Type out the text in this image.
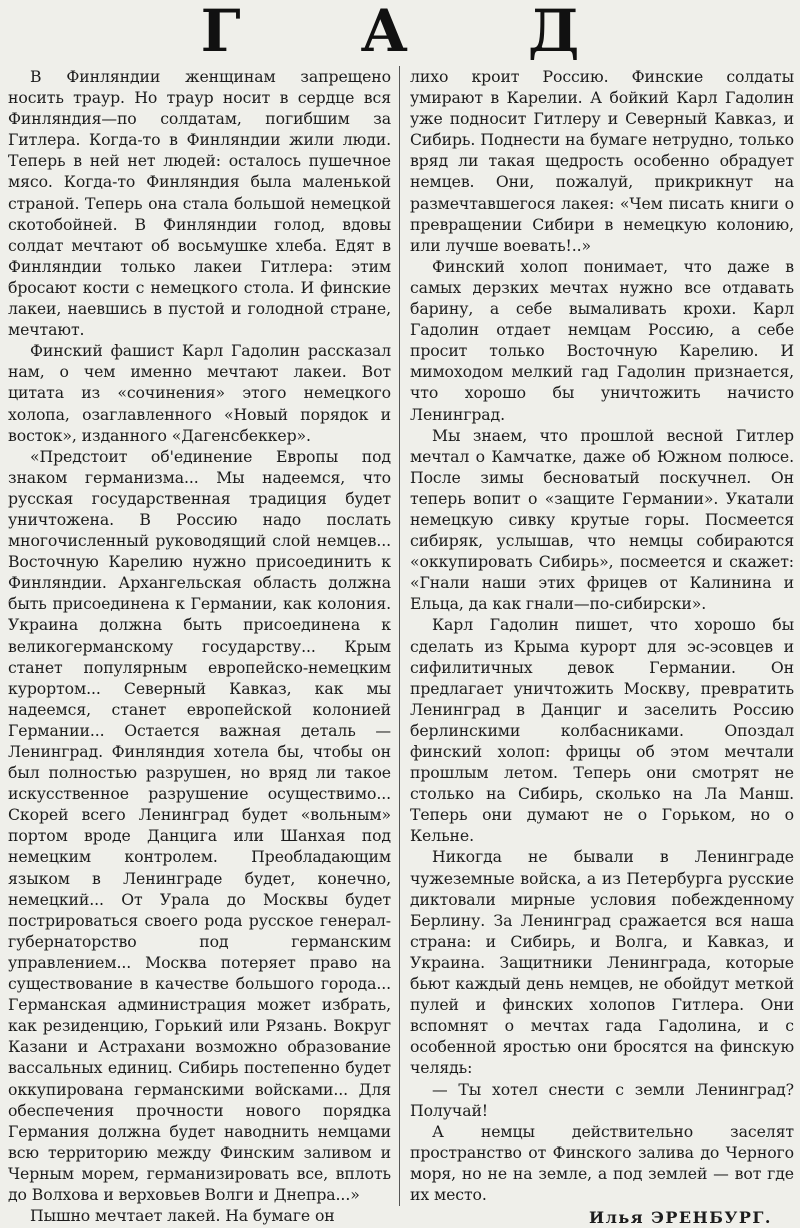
ГАД

В Финляндии женщинам запрещено носить траур. Но траур носит в сердце вся Финляндия—по солдатам, погибшим за Гитлера. Когда-то в Финляндии жили люди. Теперь в ней нет людей: осталось пушечное мясо. Когда-то Финляндия была маленькой страной. Теперь она стала большой немецкой скотобойней. В Финляндии голод, вдовы солдат мечтают об восьмушке хлеба. Едят в Финляндии только лакеи Гитлера: этим бросают кости с немецкого стола. И финские лакеи, наевшись в пустой и голодной стране, мечтают.

Финский фашист Карл Гадолин рассказал нам, о чем именно мечтают лакеи. Вот цитата из «сочинения» этого немецкого холопа, озаглавленного «Новый порядок и восток», изданного «Дагенсбеккер».

«Предстоит об'единение Европы под знаком германизма... Мы надеемся, что русская государственная традиция будет уничтожена. В Россию надо послать многочисленный руководящий слой немцев... Восточную Карелию нужно присоединить к Финляндии. Архангельская область должна быть присоединена к Германии, как колония. Украина должна быть присоединена к великогерманскому государству... Крым станет популярным европейско-немецким курортом... Северный Кавказ, как мы надеемся, станет европейской колонией Германии... Остается важная деталь — Ленинград. Финляндия хотела бы, чтобы он был полностью разрушен, но вряд ли такое искусственное разрушение осуществимо... Скорей всего Ленинград будет «вольным» портом вроде Данцига или Шанхая под немецким контролем. Преобладающим языком в Ленинграде будет, конечно, немецкий... От Урала до Москвы будет пострироваться своего рода русское генерал-губернаторство под германским управлением... Москва потеряет право на существование в качестве большого города... Германская администрация может избрать, как резиденцию, Горький или Рязань. Вокруг Казани и Астрахани возможно образование вассальных единиц. Сибирь постепенно будет оккупирована германскими войсками... Для обеспечения прочности нового порядка Германия должна будет наводнить немцами всю территорию между Финским заливом и Черным морем, германизировать все, вплоть до Волхова и верховьев Волги и Днепра...»

Пышно мечтает лакей. На бумаге он

лихо кроит Россию. Финские солдаты умирают в Карелии. А бойкий Карл Гадолин уже подносит Гитлеру и Северный Кавказ, и Сибирь. Поднести на бумаге нетрудно, только вряд ли такая щедрость особенно обрадует немцев. Они, пожалуй, прикрикнут на размечтавшегося лакея: «Чем писать книги о превращении Сибири в немецкую колонию, или лучше воевать!..»

Финский холоп понимает, что даже в самых дерзких мечтах нужно все отдавать барину, а себе вымаливать крохи. Карл Гадолин отдает немцам Россию, а себе просит только Восточную Карелию. И мимоходом мелкий гад Гадолин признается, что хорошо бы уничтожить начисто Ленинград.

Мы знаем, что прошлой весной Гитлер мечтал о Камчатке, даже об Южном полюсе. После зимы бесноватый поскучнел. Он теперь вопит о «защите Германии». Укатали немецкую сивку крутые горы. Посмеется сибиряк, услышав, что немцы собираются «оккупировать Сибирь», посмеется и скажет: «Гнали наши этих фрицев от Калинина и Ельца, да как гнали—по-сибирски».

Карл Гадолин пишет, что хорошо бы сделать из Крыма курорт для эс-эсовцев и сифилитичных девок Германии. Он предлагает уничтожить Москву, превратить Ленинград в Данциг и заселить Россию берлинскими колбасниками. Опоздал финский холоп: фрицы об этом мечтали прошлым летом. Теперь они смотрят не столько на Сибирь, сколько на Ла Манш. Теперь они думают не о Горьком, но о Кельне.

Никогда не бывали в Ленинграде чужеземные войска, а из Петербурга русские диктовали мирные условия побежденному Берлину. За Ленинград сражается вся наша страна: и Сибирь, и Волга, и Кавказ, и Украина. Защитники Ленинграда, которые бьют каждый день немцев, не обойдут меткой пулей и финских холопов Гитлера. Они вспомнят о мечтах гада Гадолина, и с особенной яростью они бросятся на финскую челядь:

— Ты хотел снести с земли Ленинград? Получай!

А немцы действительно заселят пространство от Финского залива до Черного моря, но не на земле, а под землей — вот где их место.

Илья ЭРЕНБУРГ.
